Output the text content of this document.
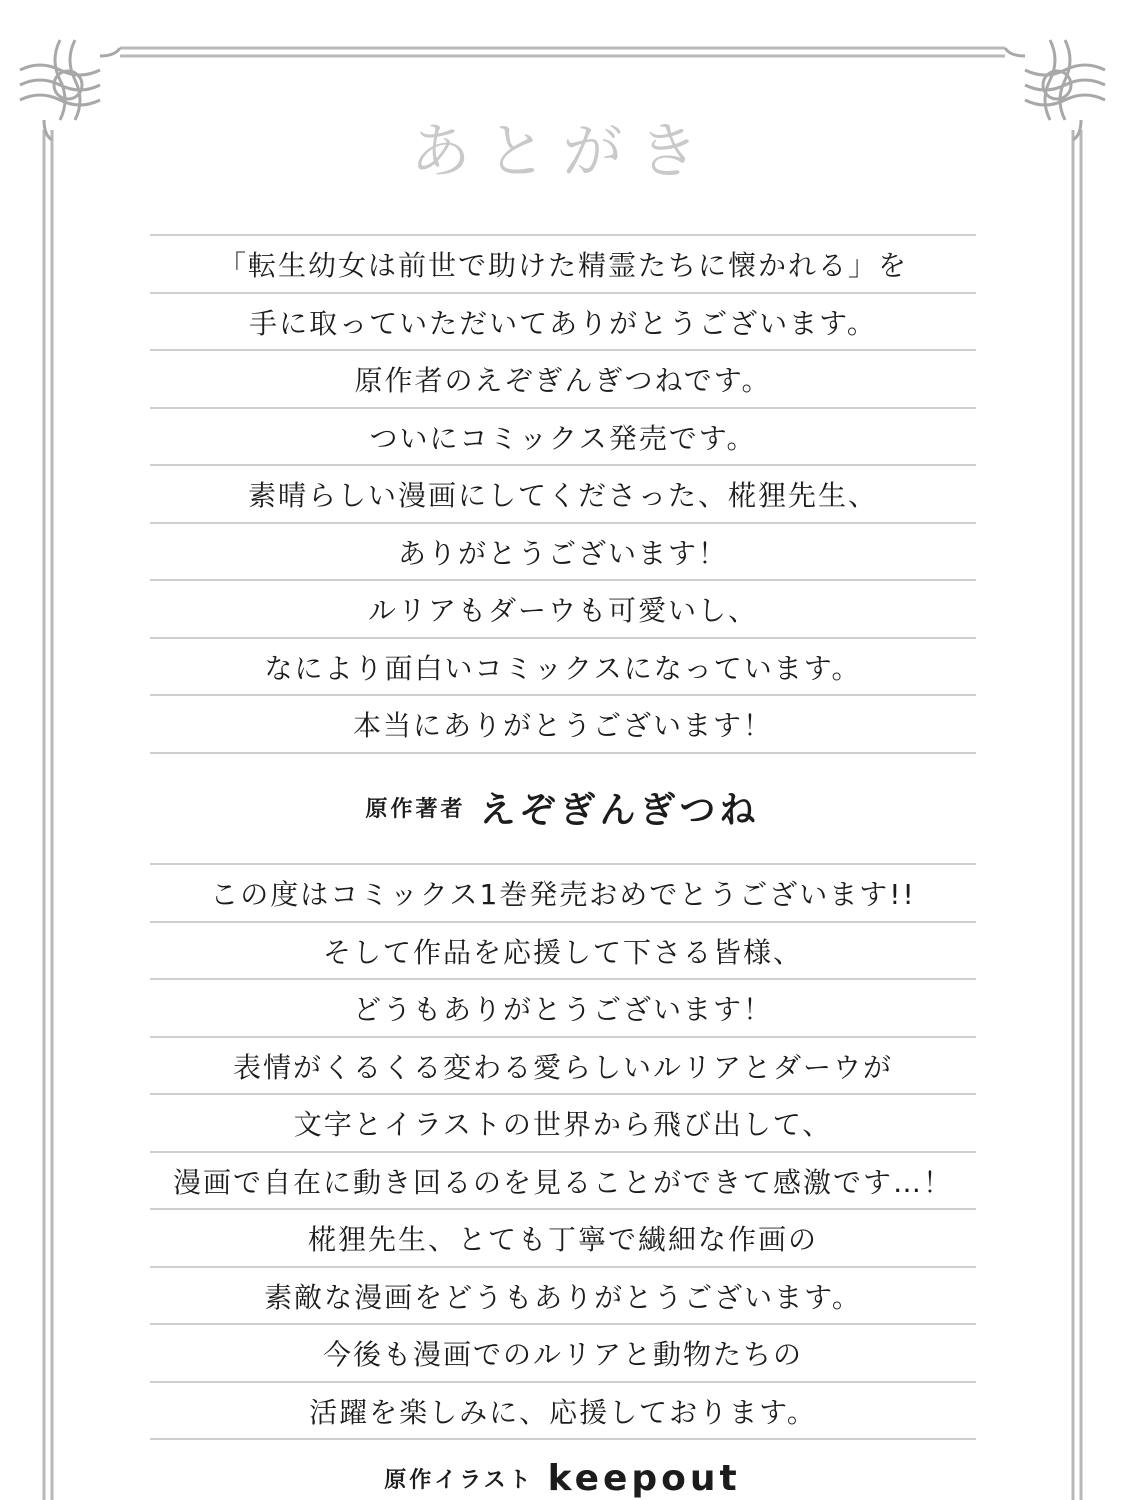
あとがき
「転生幼女は前世で助けた精霊たちに懐かれる」を
手に取っていただいてありがとうございます。
原作者のえぞぎんぎつねです。
ついにコミックス発売です。
素晴らしい漫画にしてくださった、椛狸先生、
ありがとうございます！
ルリアもダーウも可愛いし、
なにより面白いコミックスになっています。
本当にありがとうございます！
原作著者 えぞぎんぎつね
この度はコミックス1巻発売おめでとうございます!!
そして作品を応援して下さる皆様、
どうもありがとうございます！
表情がくるくる変わる愛らしいルリアとダーウが
文字とイラストの世界から飛び出して、
漫画で自在に動き回るのを見ることができて感激です…！
椛狸先生、とても丁寧で繊細な作画の
素敵な漫画をどうもありがとうございます。
今後も漫画でのルリアと動物たちの
活躍を楽しみに、応援しております。
原作イラスト keepout
